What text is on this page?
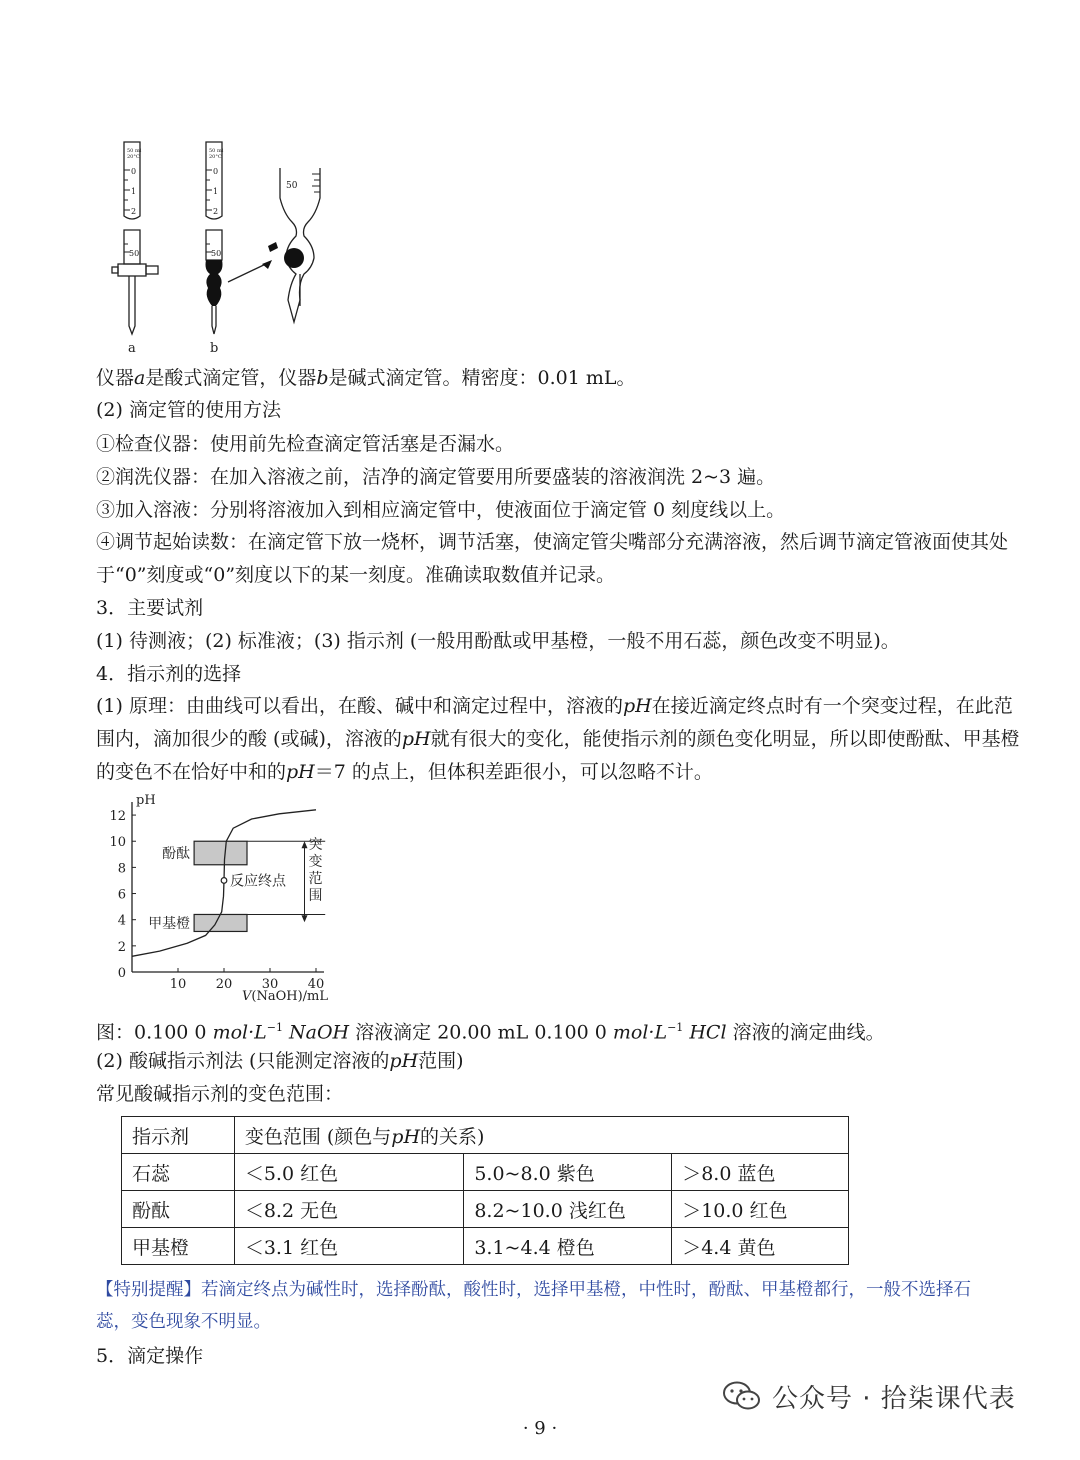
50 ml
20°C
50 ml
20°C
0
1
2
0
1
2
50	50
50
a	b
仪器a是酸式滴定管，仪器b是碱式滴定管。精密度：0.01 mL。
(2) 滴定管的使用方法
①检查仪器：使用前先检查滴定管活塞是否漏水。
②润洗仪器：在加入溶液之前，洁净的滴定管要用所要盛装的溶液润洗 2~3 遍。
③加入溶液：分别将溶液加入到相应滴定管中，使液面位于滴定管 0 刻度线以上。
④调节起始读数：在滴定管下放一烧杯，调节活塞，使滴定管尖嘴部分充满溶液，然后调节滴定管液面使其处
于“0”刻度或“0”刻度以下的某一刻度。准确读取数值并记录。
3．主要试剂
(1) 待测液；(2) 标准液；(3) 指示剂 (一般用酚酞或甲基橙，一般不用石蕊，颜色改变不明显)。
4．指示剂的选择
(1) 原理：由曲线可以看出，在酸、碱中和滴定过程中，溶液的pH在接近滴定终点时有一个突变过程，在此范
围内，滴加很少的酸 (或碱)，溶液的pH就有很大的变化，能使指示剂的颜色变化明显，所以即使酚酞、甲基橙
的变色不在恰好中和的pH＝7 的点上，但体积差距很小，可以忽略不计。
pH
V(NaOH)/mL
0
2
4
6
8
10
12
10 20 30 40
酚酞
甲基橙
反应终点
突
变
范
围
图：0.100 0 $mol\cdot L^{-1}$ NaOH 溶液滴定 20.00 mL 0.100 0 $mol\cdot L^{-1}$ HCl 溶液的滴定曲线。
(2) 酸碱指示剂法 (只能测定溶液的pH范围)
常见酸碱指示剂的变色范围：
指示剂	变色范围 (颜色与pH的关系)		
石蕊	＜5.0 红色	5.0~8.0 紫色	＞8.0 蓝色
酚酞	＜8.2 无色	8.2~10.0 浅红色	＞10.0 红色
甲基橙	＜3.1 红色	3.1~4.4 橙色	＞4.4 黄色
【特别提醒】若滴定终点为碱性时，选择酚酞，酸性时，选择甲基橙，中性时，酚酞、甲基橙都行，一般不选择石
蕊，变色现象不明显。
5．滴定操作
公众号 · 拾柒课代表
· 9 ·
